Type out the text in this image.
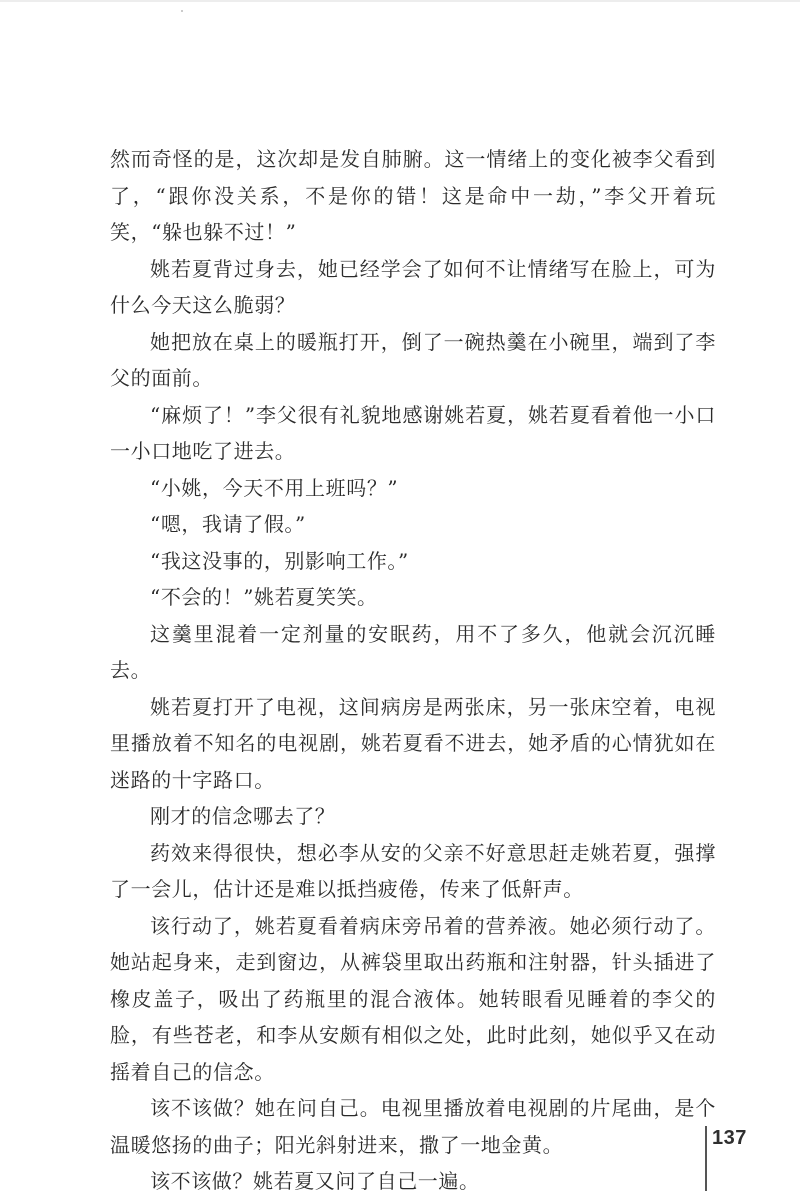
然而奇怪的是，这次却是发自肺腑。这一情绪上的变化被李父看到了，“跟你没关系，不是你的错！这是命中一劫，”李父开着玩笑，“躲也躲不过！”

姚若夏背过身去，她已经学会了如何不让情绪写在脸上，可为什么今天这么脆弱？

她把放在桌上的暖瓶打开，倒了一碗热羹在小碗里，端到了李父的面前。

“麻烦了！”李父很有礼貌地感谢姚若夏，姚若夏看着他一小口一小口地吃了进去。

“小姚，今天不用上班吗？”

“嗯，我请了假。”

“我这没事的，别影响工作。”

“不会的！”姚若夏笑笑。

这羹里混着一定剂量的安眠药，用不了多久，他就会沉沉睡去。

姚若夏打开了电视，这间病房是两张床，另一张床空着，电视里播放着不知名的电视剧，姚若夏看不进去，她矛盾的心情犹如在迷路的十字路口。

刚才的信念哪去了？

药效来得很快，想必李从安的父亲不好意思赶走姚若夏，强撑了一会儿，估计还是难以抵挡疲倦，传来了低鼾声。

该行动了，姚若夏看着病床旁吊着的营养液。她必须行动了。她站起身来，走到窗边，从裤袋里取出药瓶和注射器，针头插进了橡皮盖子，吸出了药瓶里的混合液体。她转眼看见睡着的李父的脸，有些苍老，和李从安颇有相似之处，此时此刻，她似乎又在动摇着自己的信念。

该不该做？她在问自己。电视里播放着电视剧的片尾曲，是个温暖悠扬的曲子；阳光斜射进来，撒了一地金黄。

该不该做？姚若夏又问了自己一遍。

137
